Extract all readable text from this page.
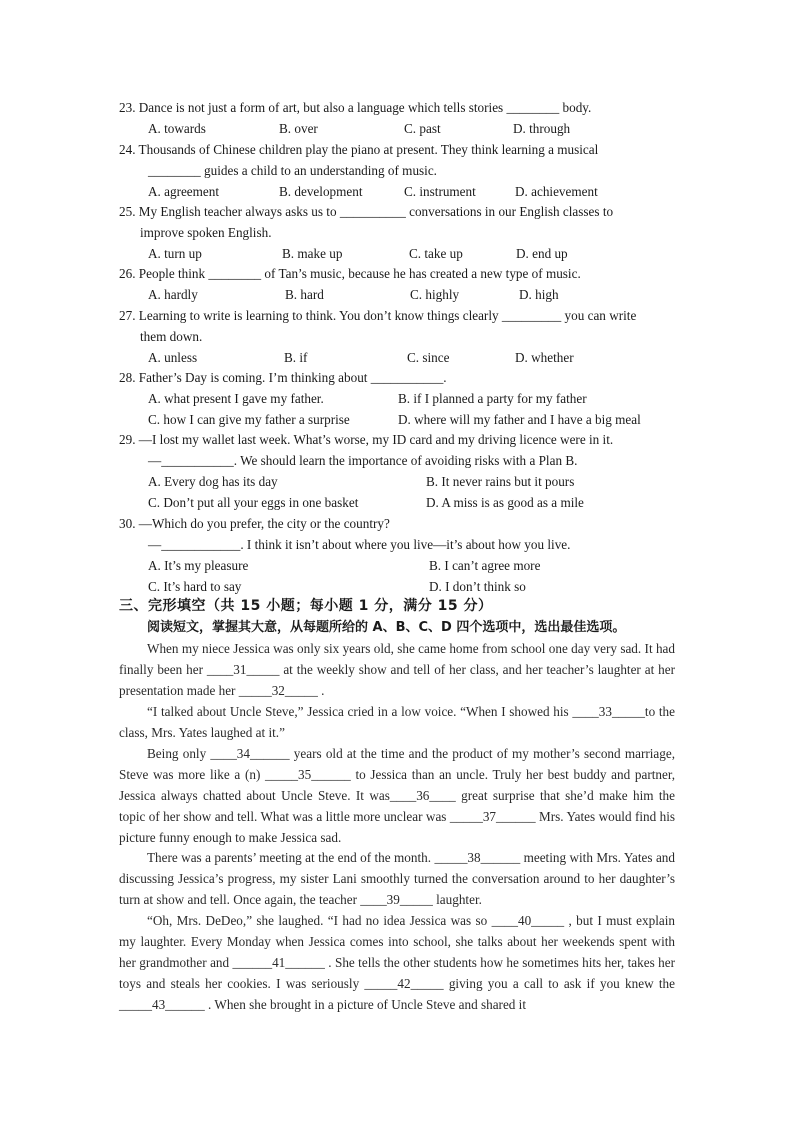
23. Dance is not just a form of art, but also a language which tells stories ________ body.
A. towards	B. over	C. past	D. through
24. Thousands of Chinese children play the piano at present. They think learning a musical
________ guides a child to an understanding of music.
A. agreement	B. development	C. instrument	D. achievement
25. My English teacher always asks us to __________ conversations in our English classes to
improve spoken English.
A. turn up	B. make up	C. take up	D. end up
26. People think ________ of Tan’s music, because he has created a new type of music.
A. hardly	B. hard	C. highly	D. high
27. Learning to write is learning to think. You don’t know things clearly _________ you can write
them down.
A. unless	B. if	C. since	D. whether
28. Father’s Day is coming. I’m thinking about ___________.
A. what present I gave my father.	B. if I planned a party for my father
C. how I can give my father a surprise	D. where will my father and I have a big meal
29. —I lost my wallet last week. What’s worse, my ID card and my driving licence were in it.
—___________. We should learn the importance of avoiding risks with a Plan B.
A. Every dog has its day	B. It never rains but it pours
C. Don’t put all your eggs in one basket	D. A miss is as good as a mile
30. —Which do you prefer, the city or the country?
—____________. I think it isn’t about where you live—it’s about how you live.
A. It’s my pleasure	B. I can’t agree more
C. It’s hard to say	D. I don’t think so
三、完形填空（共 15 小题；每小题 1 分，满分 15 分）
阅读短文，掌握其大意，从每题所给的 A、B、C、D 四个选项中，选出最佳选项。
When my niece Jessica was only six years old, she came home from school one day very sad. It had finally been her ____31_____ at the weekly show and tell of her class, and her teacher’s laughter at her presentation made her _____32_____ .
“I talked about Uncle Steve,” Jessica cried in a low voice. “When I showed his ____33_____to the class, Mrs. Yates laughed at it.”
Being only ____34______ years old at the time and the product of my mother’s second marriage, Steve was more like a (n) _____35______ to Jessica than an uncle. Truly her best buddy and partner, Jessica always chatted about Uncle Steve. It was____36____ great surprise that she’d make him the topic of her show and tell. What was a little more unclear was _____37______ Mrs. Yates would find his picture funny enough to make Jessica sad.
There was a parents’ meeting at the end of the month. _____38______ meeting with Mrs. Yates and discussing Jessica’s progress, my sister Lani smoothly turned the conversation around to her daughter’s turn at show and tell. Once again, the teacher ____39_____ laughter.
“Oh, Mrs. DeDeo,” she laughed. “I had no idea Jessica was so ____40_____ , but I must explain my laughter. Every Monday when Jessica comes into school, she talks about her weekends spent with her grandmother and ______41______ . She tells the other students how he sometimes hits her, takes her toys and steals her cookies. I was seriously _____42_____ giving you a call to ask if you knew the _____43______ . When she brought in a picture of Uncle Steve and shared it
